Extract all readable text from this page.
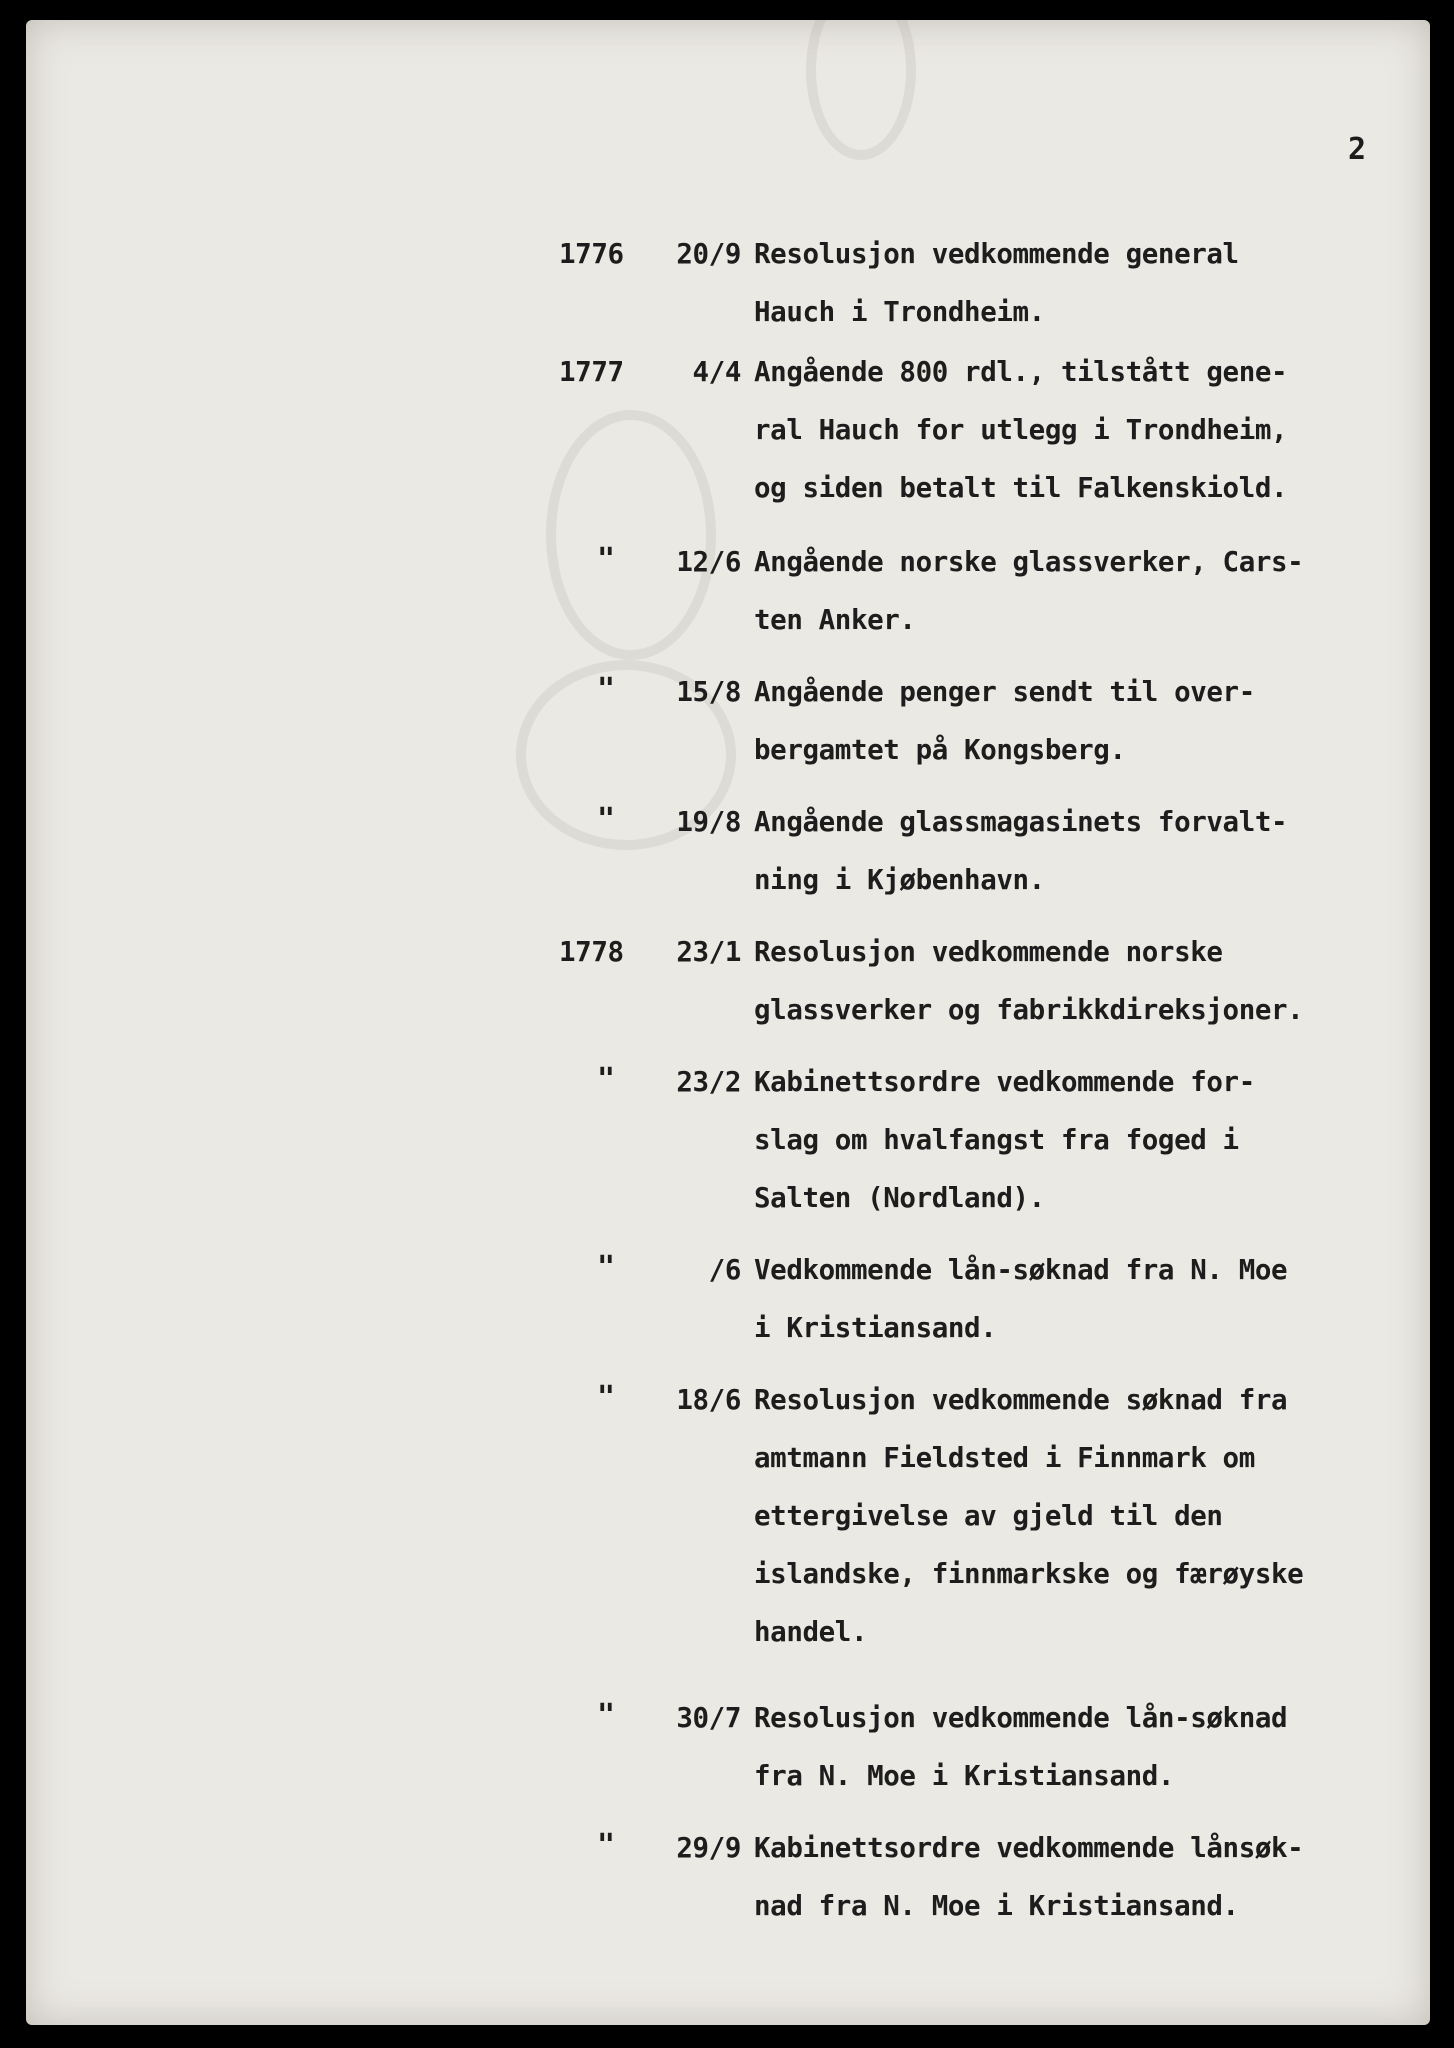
2
1776	20/9 Resolusjon vedkommende general
Hauch i Trondheim.
1777	4/4 Angående 800 rdl., tilstått gene-
ral Hauch for utlegg i Trondheim,
og siden betalt til Falkenskiold.
"	12/6 Angående norske glassverker, Cars-
ten Anker.
"	15/8 Angående penger sendt til over-
bergamtet på Kongsberg.
"	19/8 Angående glassmagasinets forvalt-
ning i Kjøbenhavn.
1778	23/1 Resolusjon vedkommende norske
glassverker og fabrikkdireksjoner.
"	23/2 Kabinettsordre vedkommende for-
slag om hvalfangst fra foged i
Salten (Nordland).
"	/6 Vedkommende lån-søknad fra N. Moe
i Kristiansand.
"	18/6 Resolusjon vedkommende søknad fra
amtmann Fieldsted i Finnmark om
ettergivelse av gjeld til den
islandske, finnmarkske og færøyske
handel.
"	30/7 Resolusjon vedkommende lån-søknad
fra N. Moe i Kristiansand.
"	29/9 Kabinettsordre vedkommende lånsøk-
nad fra N. Moe i Kristiansand.
